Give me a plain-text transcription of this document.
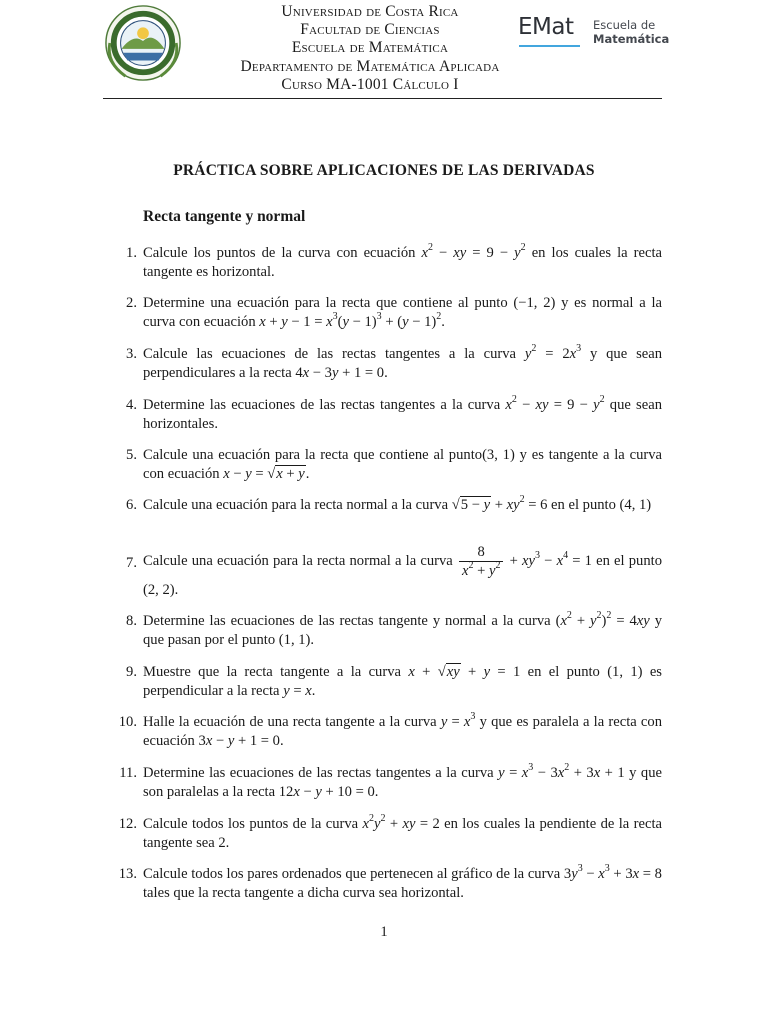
Universidad de Costa Rica
Facultad de Ciencias
Escuela de Matemática
Departamento de Matemática Aplicada
Curso MA-1001 Cálculo I
EMat Escuela de
Matemática
PRÁCTICA SOBRE APLICACIONES DE LAS DERIVADAS
Recta tangente y normal
1. Calcule los puntos de la curva con ecuación $x^2$ − xy = $9 - y^2$ en los cuales la recta tangente es horizontal.
2. Determine una ecuación para la recta que contiene al punto (−1, 2) y es normal a la curva con ecuación $x + y - 1 = x^3(y - 1)^3 + (y - 1)^2$.
3. Calcule las ecuaciones de las rectas tangentes a la curva $y^2 = 2x^3$ y que sean perpendiculares a la recta 4x − 3y + 1 = 0.
4. Determine las ecuaciones de las rectas tangentes a la curva $x^2$ − xy = $9 - y^2$ que sean horizontales.
5. Calcule una ecuación para la recta que contiene al punto(3, 1) y es tangente a la curva con ecuación x − y = √x + y.
6. Calcule una ecuación para la recta normal a la curva $√5 - y + xy^2 = 6$ en el punto (4, 1)
7. Calcule una ecuación para la recta normal a la curva $\frac{8}{x^2 + y^2} + xy^3 - x^4 = 1$ en el punto (2, 2).
8. Determine las ecuaciones de las rectas tangente y normal a la curva $(x^2 + y^2)^2 = 4xy$ y que pasan por el punto (1, 1).
9. Muestre que la recta tangente a la curva x + √xy + y = 1 en el punto (1, 1) es perpendicular a la recta y = x.
10. Halle la ecuación de una recta tangente a la curva $y = x^3$ y que es paralela a la recta con ecuación 3x − y + 1 = 0.
11. Determine las ecuaciones de las rectas tangentes a la curva $y = x^3 - 3x^2 + 3x + 1$ y que son paralelas a la recta 12x − y + 10 = 0.
12. Calcule todos los puntos de la curva $x^2y^2$ + xy = 2 en los cuales la pendiente de la recta tangente sea 2.
13. Calcule todos los pares ordenados que pertenecen al gráfico de la curva $3y^3 - x^3 + 3x = 8$ tales que la recta tangente a dicha curva sea horizontal.
1
